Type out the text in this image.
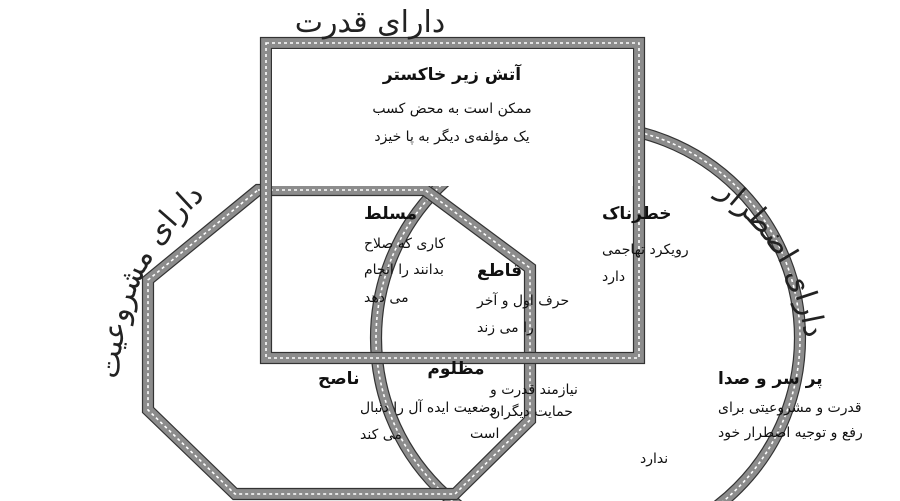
دارای قدرت
دارای مشروعیت	دارای اضطرار
آتش زیر خاکستر
ممکن است به محض کسب
یک مؤلفه‌ی دیگر به پا خیزد
مسلط
کاری که صلاح
بدانند را انجام
می دهد
خطرناک
رویکرد تهاجمی
دارد
قاطع
حرف اول و آخر
را می زند
ناصح
وضعیت ایده آل را دنبال
می کند
مظلوم
نیازمند قدرت و
حمایت دیگران
است
پر سر و صدا
قدرت و مشروعیتی برای
رفع و توجیه اضطرار خود
ندارد
